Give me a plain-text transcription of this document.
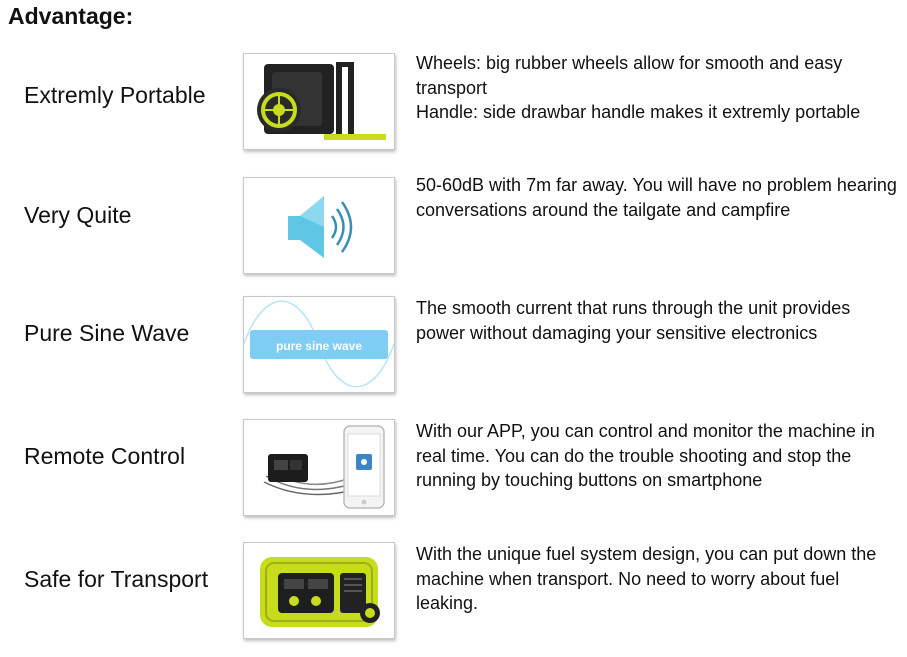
Advantage:
Extremly Portable
Wheels: big rubber wheels allow for smooth and easy transport
Handle: side drawbar handle makes it extremly portable
Very Quite
50-60dB with 7m far away. You will have no problem hearing conversations around the tailgate and campfire
Pure Sine Wave
pure sine wave
The smooth current that runs through the unit provides power without damaging your sensitive electronics
Remote Control
With our APP, you can control and monitor the machine in real time. You can do the trouble shooting and stop the running by touching buttons on smartphone
Safe for Transport
With the unique fuel system design, you can put down the machine when transport. No need to worry about fuel leaking.
